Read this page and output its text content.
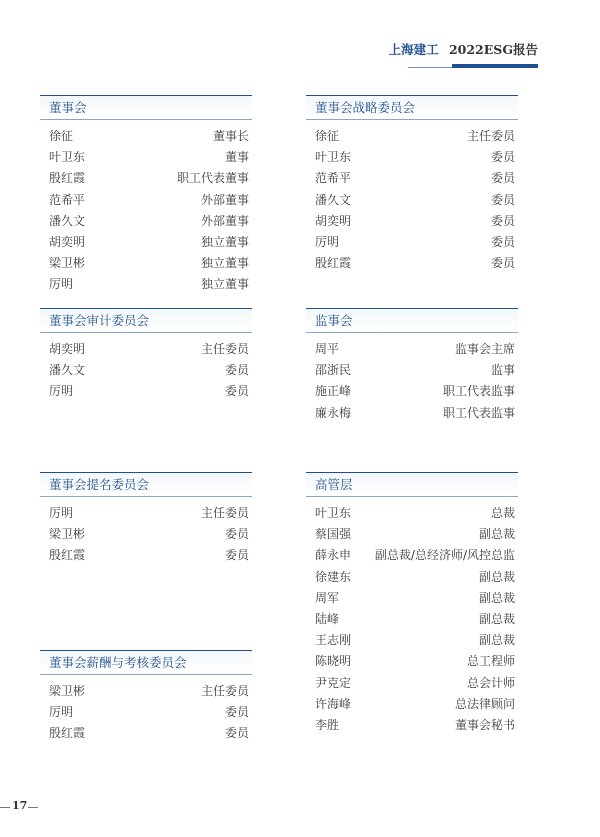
上海建工 2022ESG报告
董事会
徐征	董事长
叶卫东	董事
殷红霞	职工代表董事
范希平	外部董事
潘久文	外部董事
胡奕明	独立董事
梁卫彬	独立董事
厉明	独立董事
董事会战略委员会
徐征	主任委员
叶卫东	委员
范希平	委员
潘久文	委员
胡奕明	委员
厉明	委员
殷红霞	委员
董事会审计委员会
胡奕明	主任委员
潘久文	委员
厉明	委员
监事会
周平	监事会主席
邵浙民	监事
施正峰	职工代表监事
廉永梅	职工代表监事
董事会提名委员会
厉明	主任委员
梁卫彬	委员
殷红霞	委员
高管层
叶卫东	总裁
蔡国强	副总裁
薛永申 副总裁/总经济师/风控总监
徐建东	副总裁
周军	副总裁
陆峰	副总裁
王志刚	副总裁
陈晓明	总工程师
尹克定	总会计师
许海峰	总法律顾问
李胜	董事会秘书
董事会薪酬与考核委员会
梁卫彬	主任委员
厉明	委员
殷红霞	委员
17
